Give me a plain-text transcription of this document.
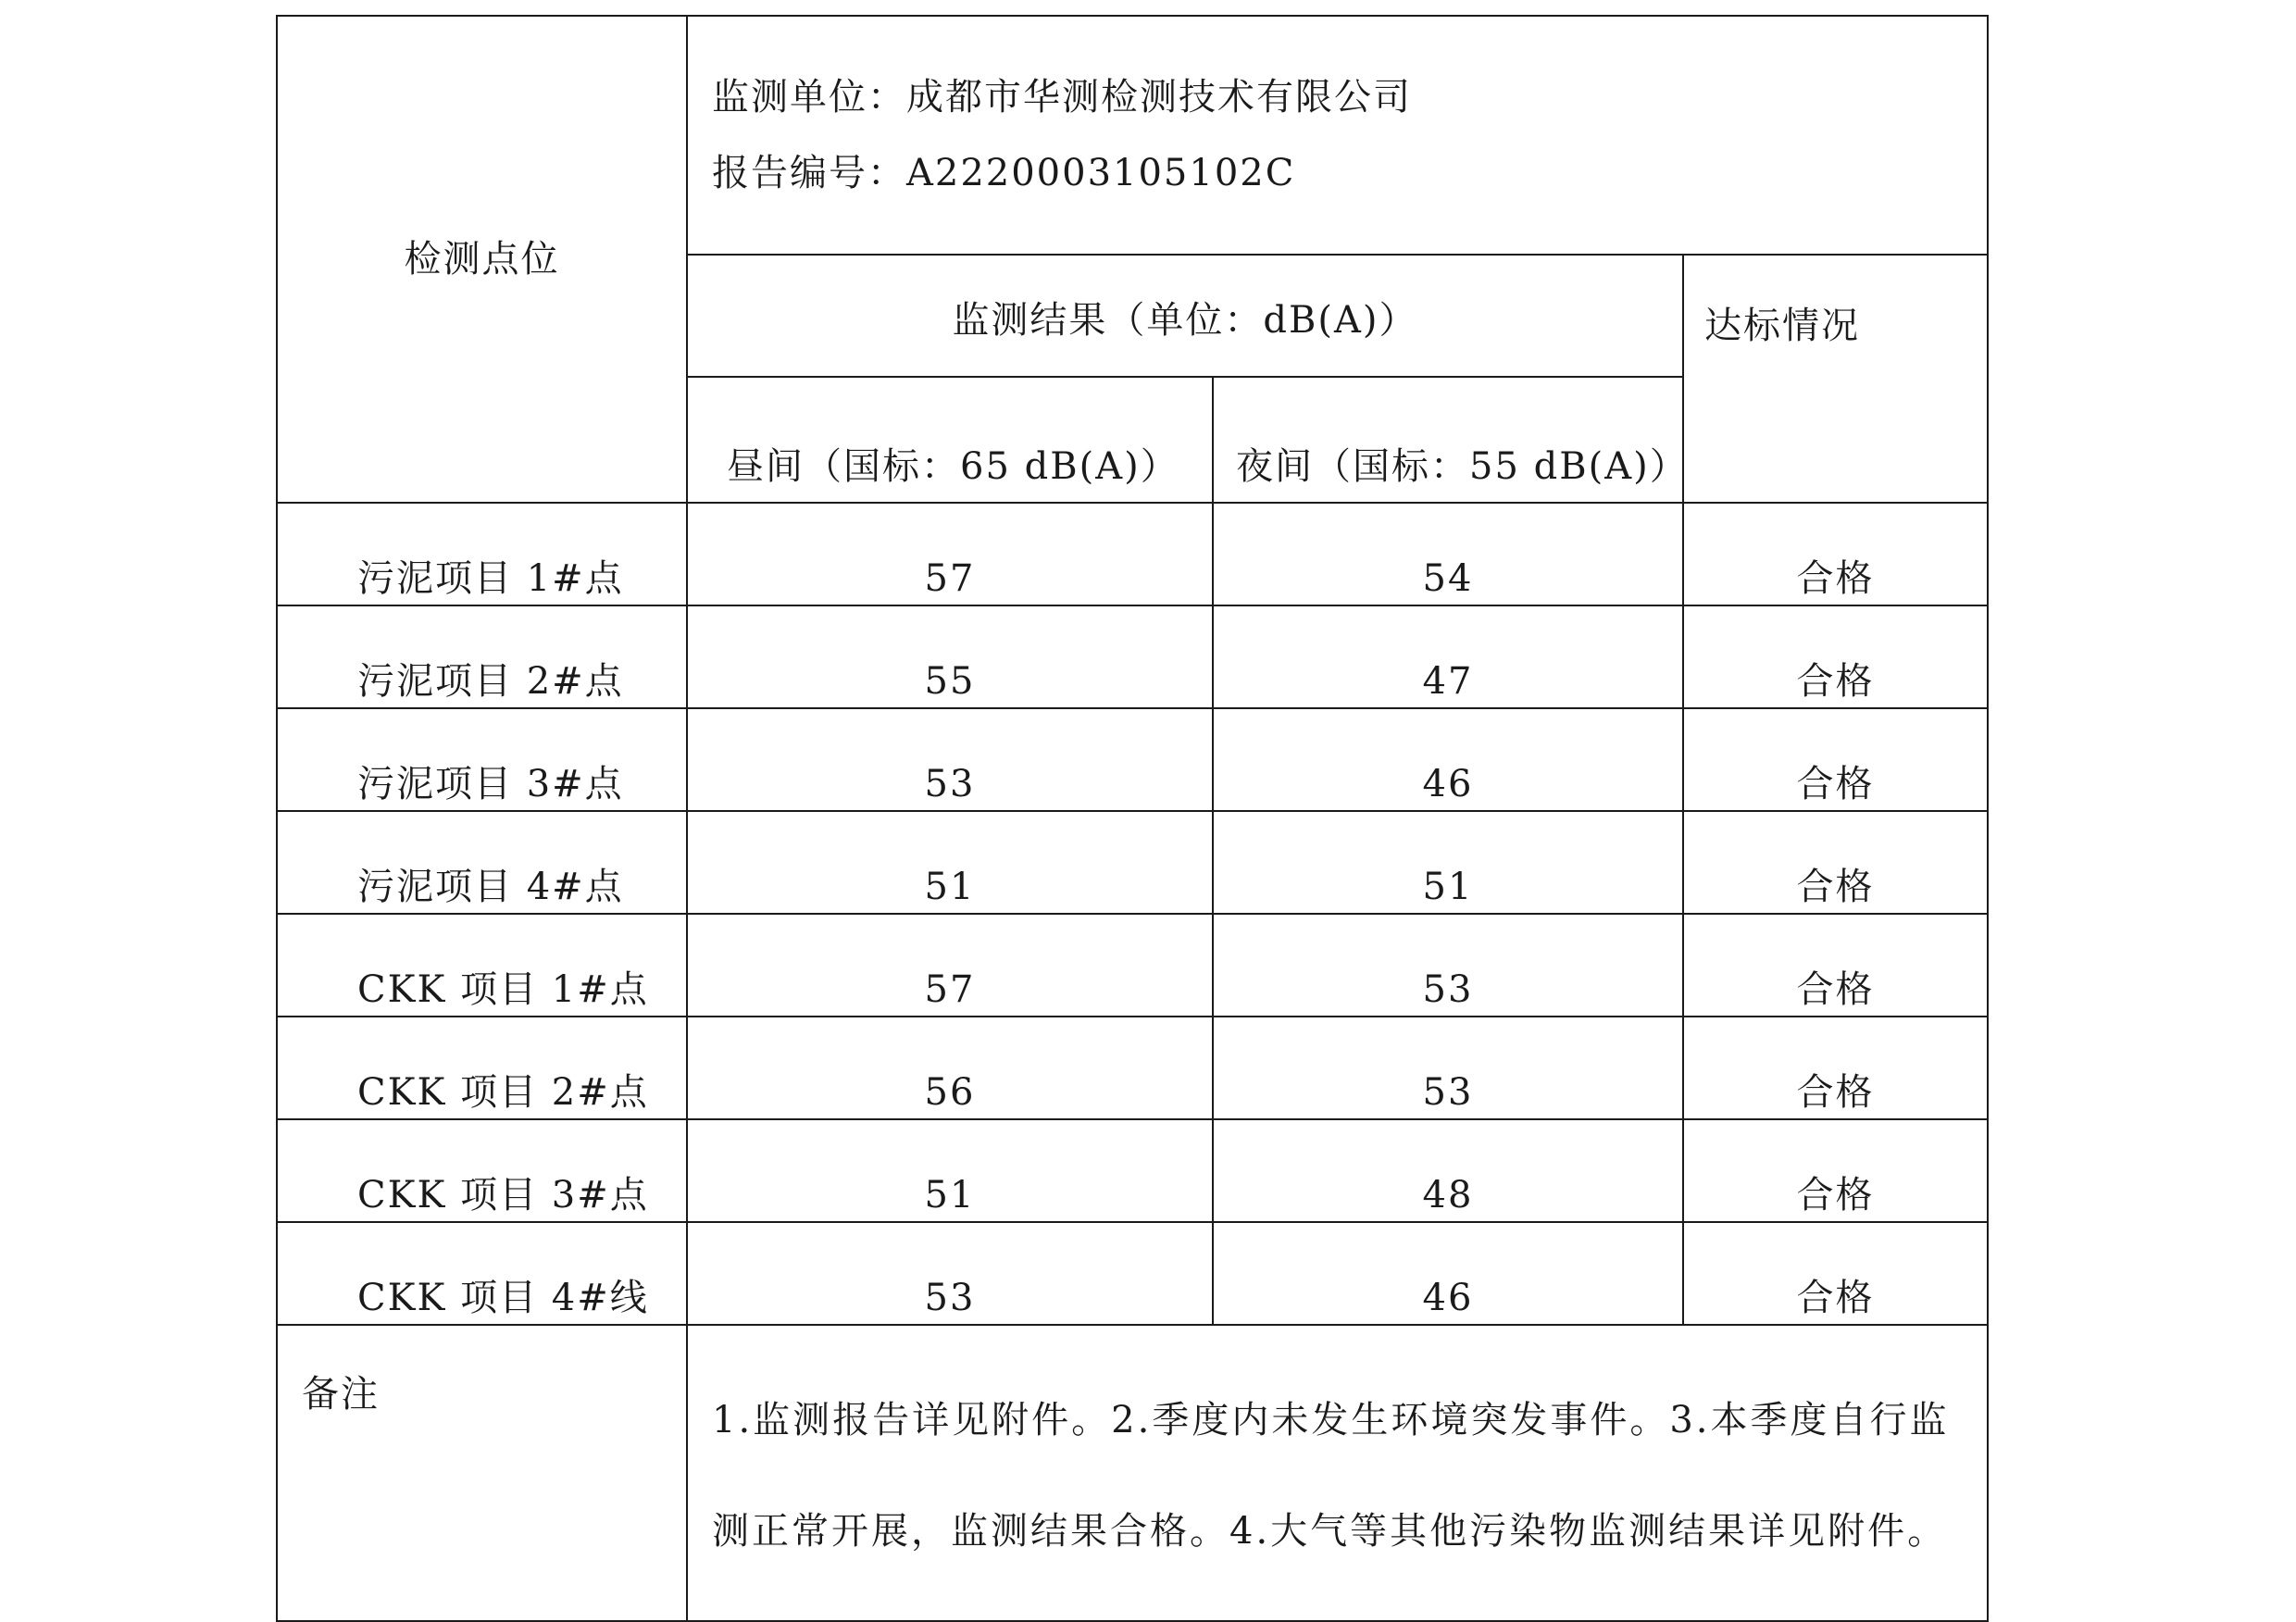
检测点位	监测单位：成都市华测检测技术有限公司
报告编号：A2220003105102C		

	监测结果（单位：dB(A)）		达标情况
	昼间（国标：65 dB(A)）	夜间（国标：55 dB(A)）	
污泥项目 1#点	57	54	合格
污泥项目 2#点	55	47	合格
污泥项目 3#点	53	46	合格
污泥项目 4#点	51	51	合格
CKK 项目 1#点	57	53	合格
CKK 项目 2#点	56	53	合格
CKK 项目 3#点	51	48	合格
CKK 项目 4#线	53	46	合格
备注	1.监测报告详见附件。2.季度内未发生环境突发事件。3.本季度自行监测正常开展，监测结果合格。4.大气等其他污染物监测结果详见附件。		
